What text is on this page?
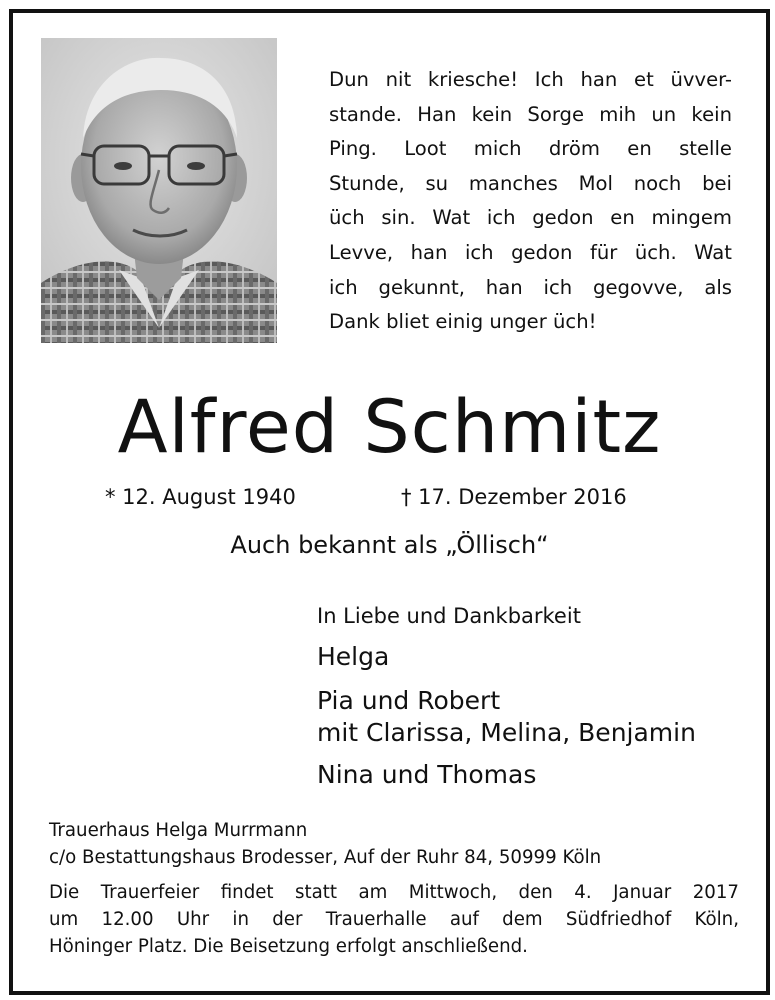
Dun nit kriesche! Ich han et üvver-
stande. Han kein Sorge mih un kein
Ping. Loot mich dröm en stelle
Stunde, su manches Mol noch bei
üch sin. Wat ich gedon en mingem
Levve, han ich gedon für üch. Wat
ich gekunnt, han ich gegovve, als
Dank bliet einig unger üch!
Alfred Schmitz
* 12. August 1940	† 17. Dezember 2016
Auch bekannt als „Öllisch“
In Liebe und Dankbarkeit
Helga
Pia und Robert
mit Clarissa, Melina, Benjamin
Nina und Thomas
Trauerhaus Helga Murrmann
c/o Bestattungshaus Brodesser, Auf der Ruhr 84, 50999 Köln
Die Trauerfeier findet statt am Mittwoch, den 4. Januar 2017
um 12.00 Uhr in der Trauerhalle auf dem Südfriedhof Köln,
Höninger Platz. Die Beisetzung erfolgt anschließend.
